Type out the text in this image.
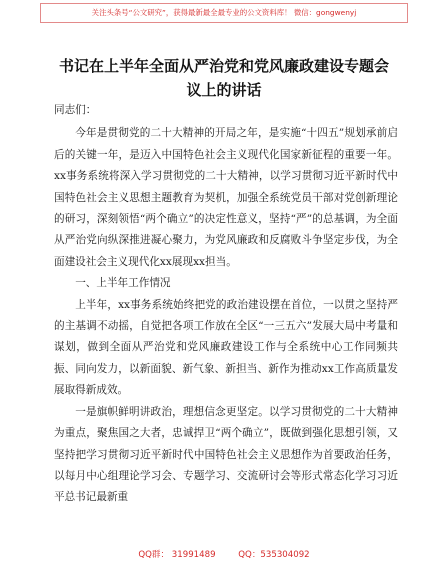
关注头条号“公文研究”，获得最新最全最专业的公文资料库！ 微信：gongwenyj
书记在上半年全面从严治党和党风廉政建设专题会议上的讲话

同志们：

今年是贯彻党的二十大精神的开局之年，是实施“十四五”规划承前启后的关键一年，是迈入中国特色社会主义现代化国家新征程的重要一年。xx事务系统将深入学习贯彻党的二十大精神，以学习贯彻习近平新时代中国特色社会主义思想主题教育为契机，加强全系统党员干部对党创新理论的研习，深刻领悟“两个确立”的决定性意义，坚持“严”的总基调，为全面从严治党向纵深推进凝心聚力，为党风廉政和反腐败斗争坚定步伐，为全面建设社会主义现代化xx展现xx担当。

一、上半年工作情况

上半年，xx事务系统始终把党的政治建设摆在首位，一以贯之坚持严的主基调不动摇，自觉把各项工作放在全区“一三五六”发展大局中考量和谋划，做到全面从严治党和党风廉政建设工作与全系统中心工作同频共振、同向发力，以新面貌、新气象、新担当、新作为推动xx工作高质量发展取得新成效。

一是旗帜鲜明讲政治，理想信念更坚定。以学习贯彻党的二十大精神为重点，聚焦国之大者，忠诚捍卫“两个确立”，既做到强化思想引领，又坚持把学习贯彻习近平新时代中国特色社会主义思想作为首要政治任务，以每月中心组理论学习会、专题学习、交流研讨会等形式常态化学习习近平总书记最新重

QQ群： 31991489	QQ：535304092
